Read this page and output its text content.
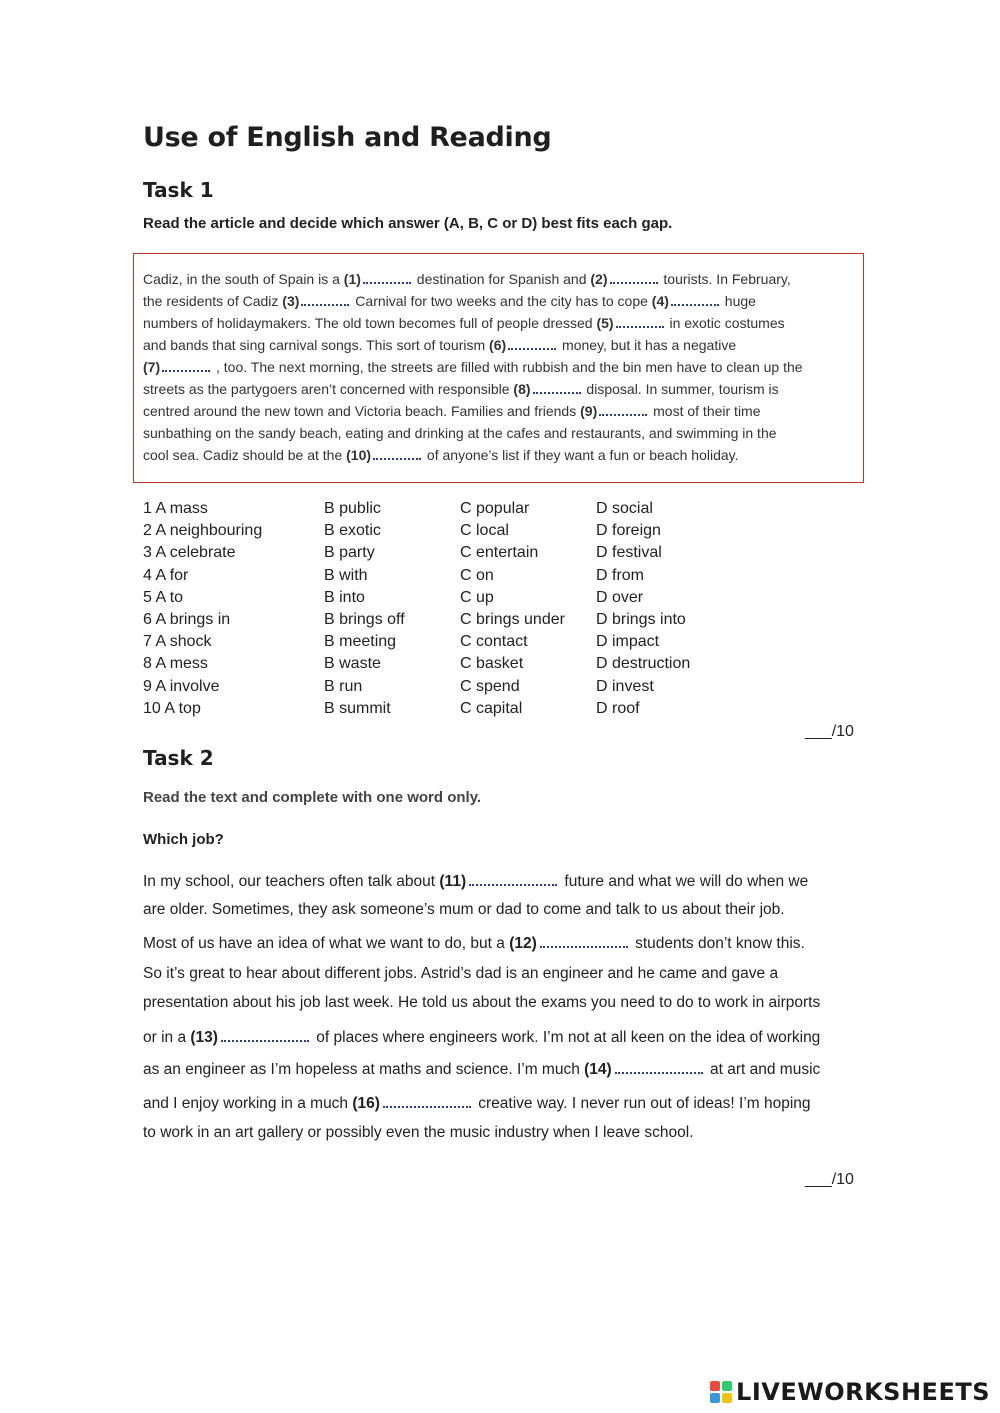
Use of English and Reading
Task 1
Read the article and decide which answer (A, B, C or D) best fits each gap.
Cadiz, in the south of Spain is a (1)	destination for Spanish and (2)	tourists. In February,
the residents of Cadiz (3)	Carnival for two weeks and the city has to cope (4)	huge
numbers of holidaymakers. The old town becomes full of people dressed (5)	in exotic costumes
and bands that sing carnival songs. This sort of tourism (6)	money, but it has a negative
(7)	, too. The next morning, the streets are filled with rubbish and the bin men have to clean up the
streets as the partygoers aren’t concerned with responsible (8)	disposal. In summer, tourism is
centred around the new town and Victoria beach. Families and friends (9)	most of their time
sunbathing on the sandy beach, eating and drinking at the cafes and restaurants, and swimming in the
cool sea. Cadiz should be at the (10)	of anyone’s list if they want a fun or beach holiday.
1 A mass	B public	C popular	D social
2 A neighbouring	B exotic	C local	D foreign
3 A celebrate	B party	C entertain	D festival
4 A for	B with	C on	D from
5 A to	B into	C up	D over
6 A brings in	B brings off	C brings under D brings into
7 A shock	B meeting	C contact	D impact
8 A mess	B waste	C basket	D destruction
9 A involve	B run	C spend	D invest
10 A top	B summit	C capital	D roof
___/10
Task 2
Read the text and complete with one word only.
Which job?
In my school, our teachers often talk about (11)	future and what we will do when we
are older. Sometimes, they ask someone’s mum or dad to come and talk to us about their job.
Most of us have an idea of what we want to do, but a (12)	students don’t know this.
So it’s great to hear about different jobs. Astrid’s dad is an engineer and he came and gave a
presentation about his job last week. He told us about the exams you need to do to work in airports
or in a (13)	of places where engineers work. I’m not at all keen on the idea of working
as an engineer as I’m hopeless at maths and science. I’m much (14)	at art and music
and I enjoy working in a much (16)	creative way. I never run out of ideas! I’m hoping
to work in an art gallery or possibly even the music industry when I leave school.
___/10
LIVEWORKSHEETS
